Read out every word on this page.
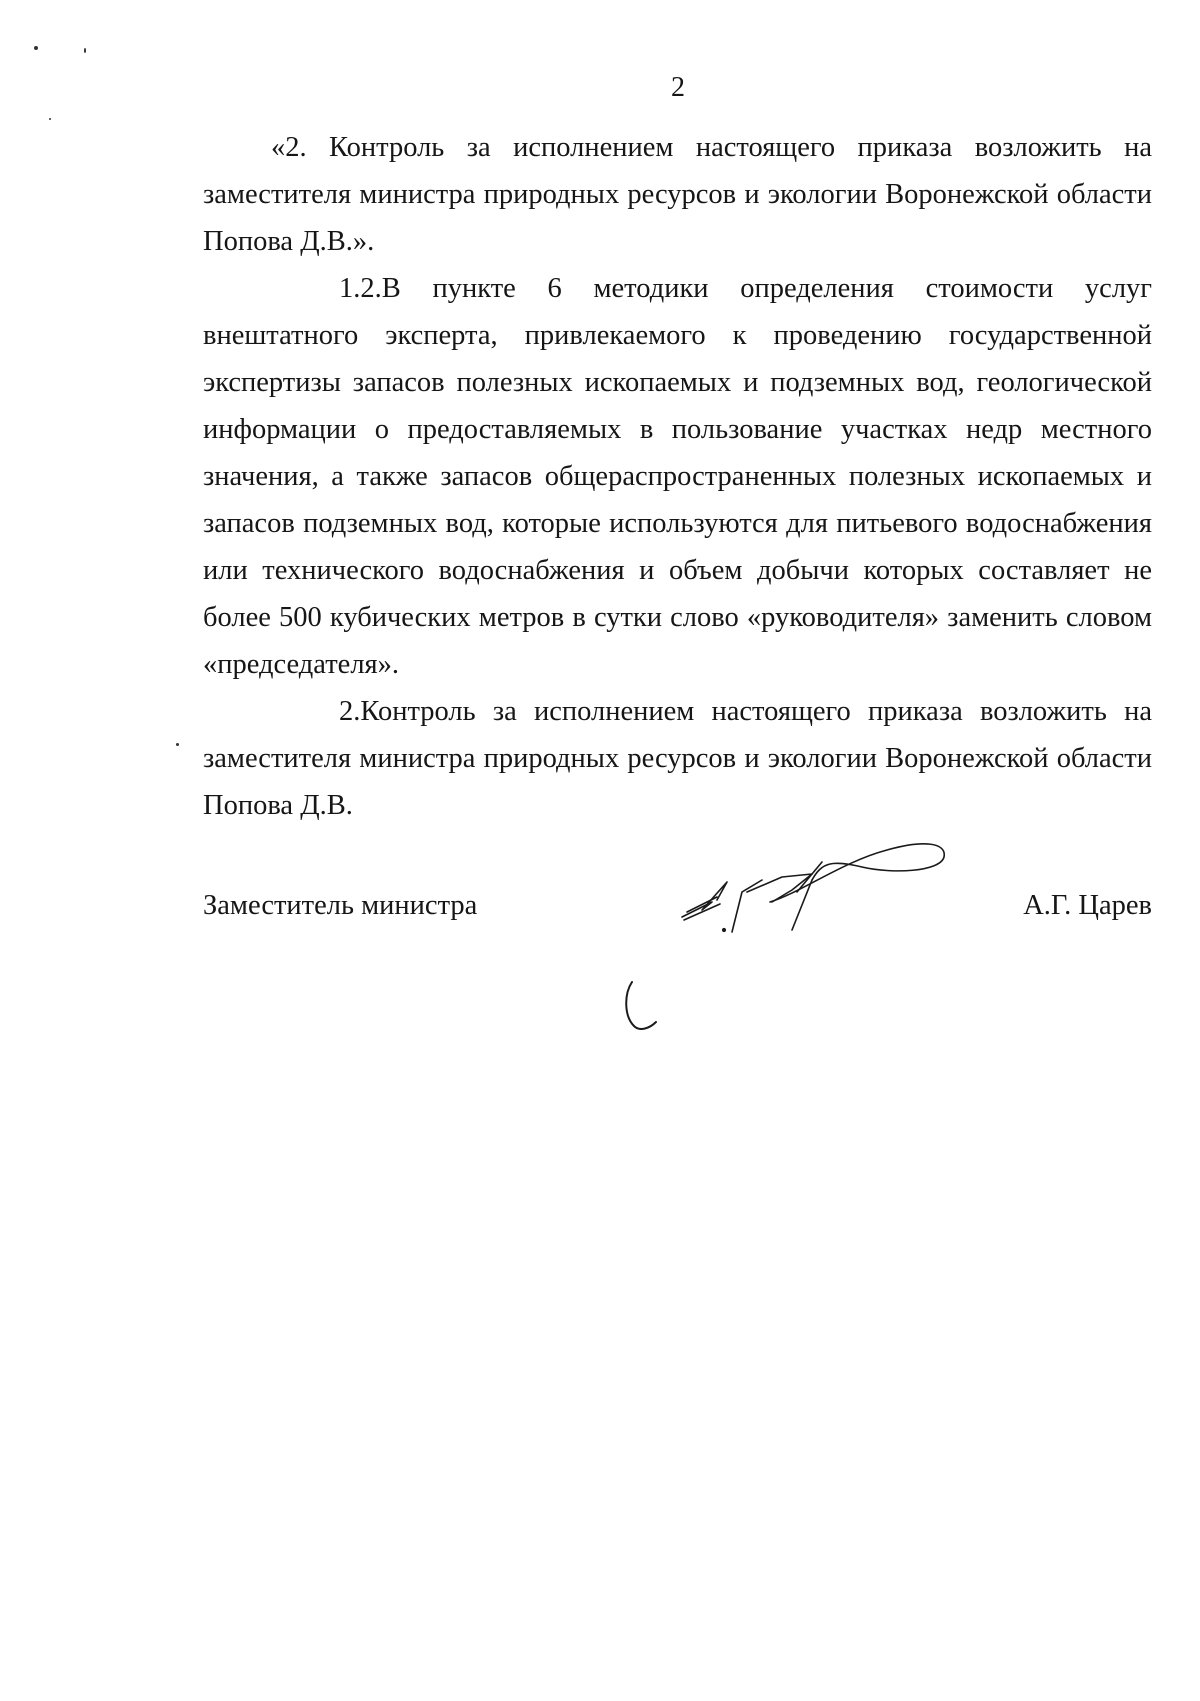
2

«2. Контроль за исполнением настоящего приказа возложить на заместителя министра природных ресурсов и экологии Воронежской области Попова Д.В.».

1.2.В пункте 6 методики определения стоимости услуг внештатного эксперта, привлекаемого к проведению государственной экспертизы запасов полезных ископаемых и подземных вод, геологической информации о предоставляемых в пользование участках недр местного значения, а также запасов общераспространенных полезных ископаемых и запасов подземных вод, которые используются для питьевого водоснабжения или технического водоснабжения и объем добычи которых составляет не более 500 кубических метров в сутки слово «руководителя» заменить словом «председателя».

2.Контроль за исполнением настоящего приказа возложить на заместителя министра природных ресурсов и экологии Воронежской области Попова Д.В.

Заместитель министра	А.Г. Царев
